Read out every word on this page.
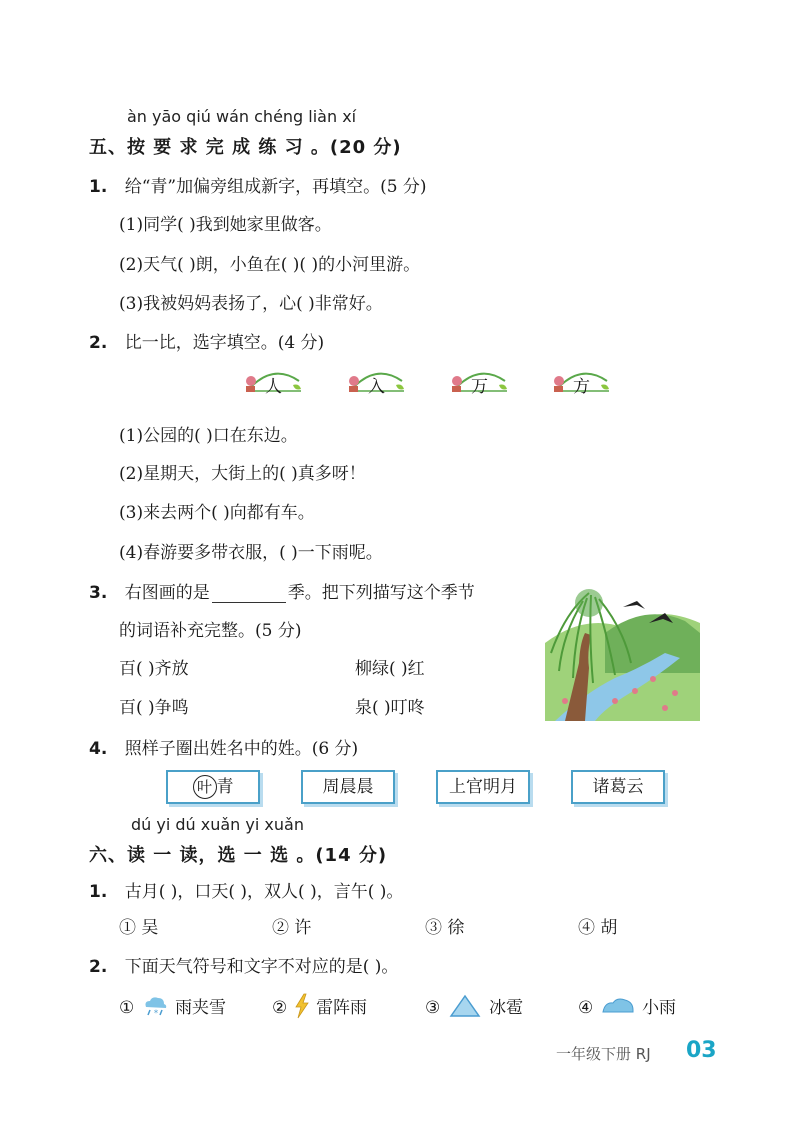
àn yāo qiú wán chéng liàn xí
五、按 要 求 完 成 练 习 。(20 分)
1. 给“青”加偏旁组成新字，再填空。(5 分)
(1)同学( )我到她家里做客。
(2)天气( )朗，小鱼在( )( )的小河里游。
(3)我被妈妈表扬了，心( )非常好。
2. 比一比，选字填空。(4 分)
人	入	万	方
(1)公园的( )口在东边。
(2)星期天，大街上的( )真多呀！
(3)来去两个( )向都有车。
(4)春游要多带衣服，( )一下雨呢。
3. 右图画的是	季。把下列描写这个季节
的词语补充完整。(5 分)
百( )齐放	柳绿( )红
百( )争鸣	泉( )叮咚
4. 照样子圈出姓名中的姓。(6 分)
叶 青	周晨晨	上官明月	诸葛云
dú yi dú xuǎn yi xuǎn
六、读 一 读，选 一 选 。(14 分)
1. 古月( )，口天( )，双人( )，言午( )。
① 吴	② 许	③ 徐	④ 胡
2. 下面天气符号和文字不对应的是( )。
① * 雨夹雪	② 雷阵雨	③	冰雹	④	小雨
一年级下册 RJ 03
